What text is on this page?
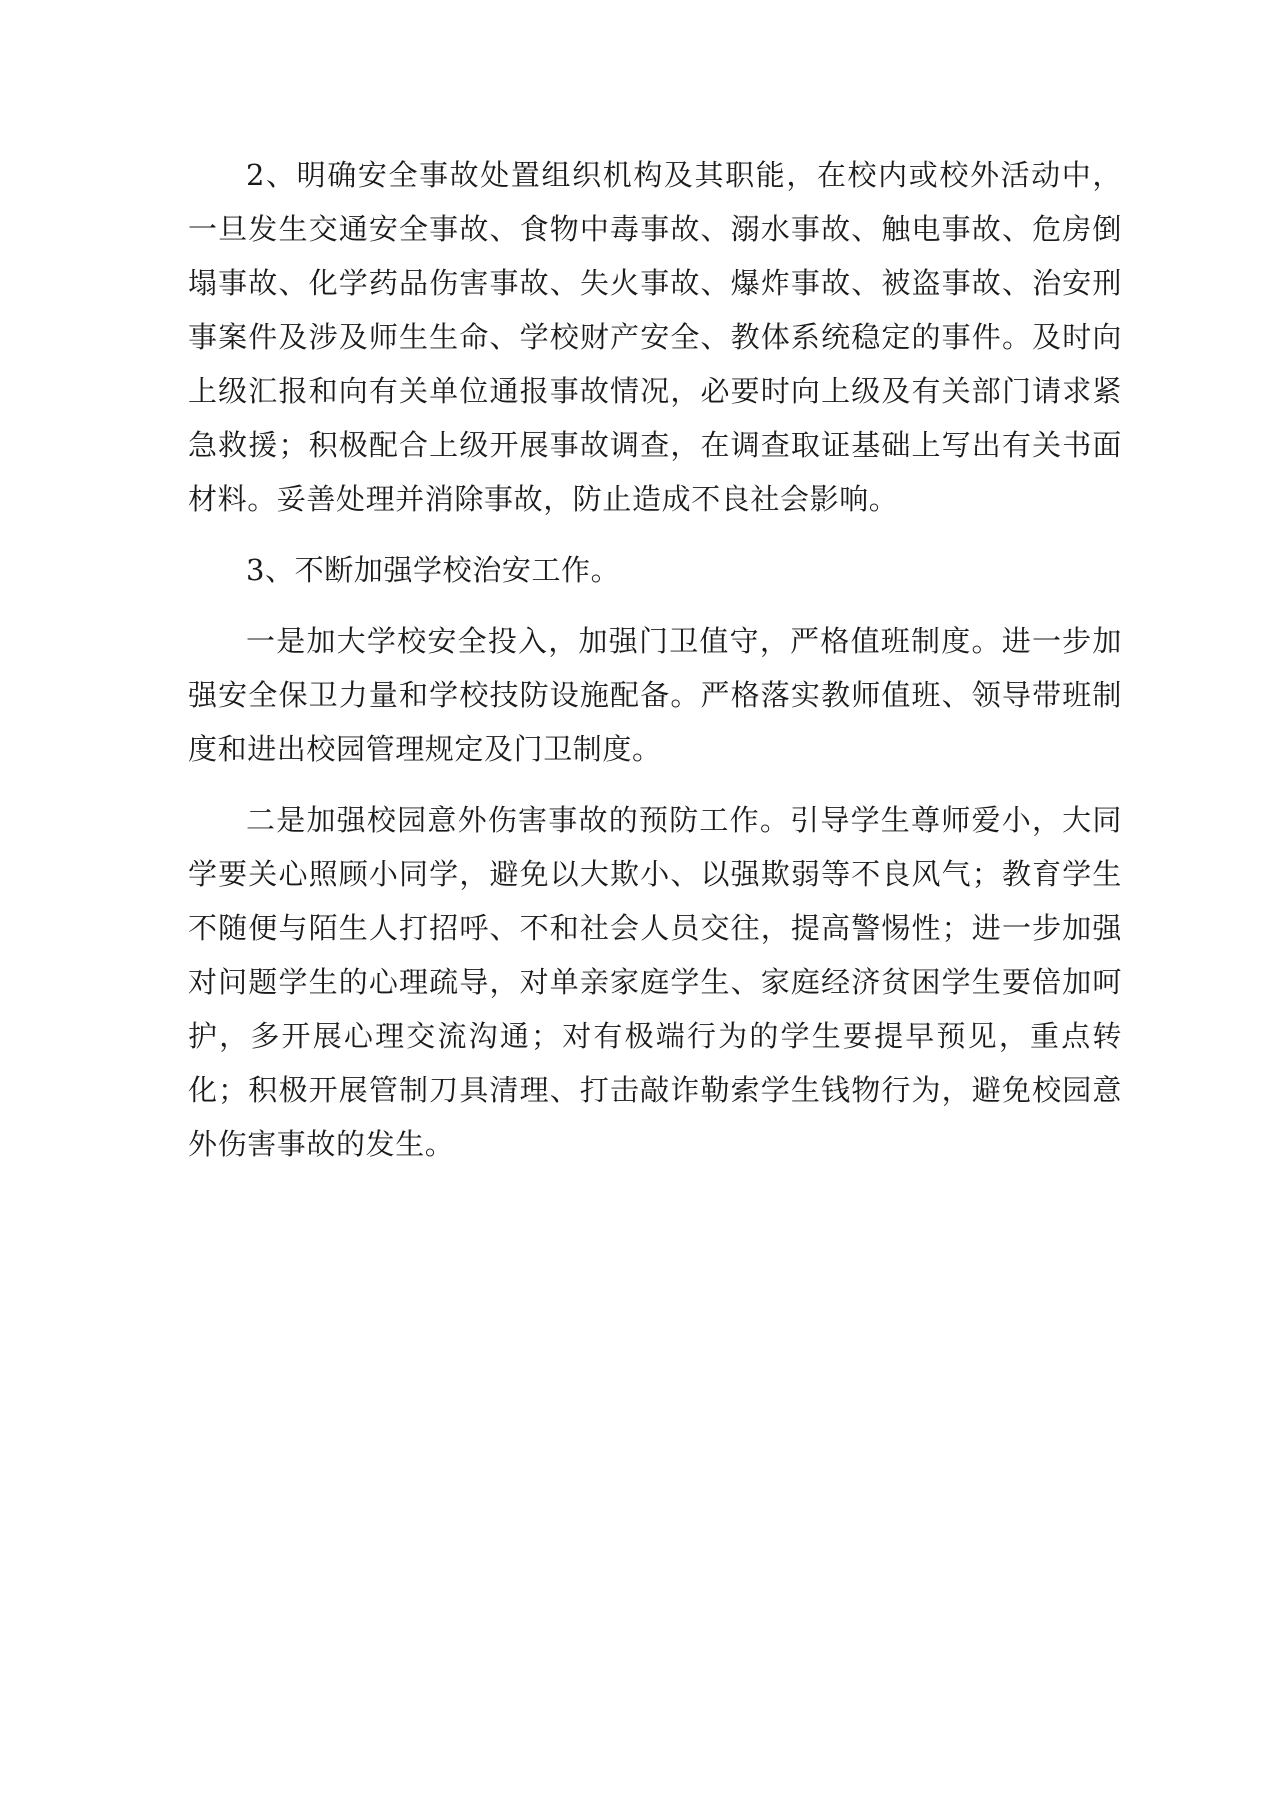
2、明确安全事故处置组织机构及其职能，在校内或校外活动中，一旦发生交通安全事故、食物中毒事故、溺水事故、触电事故、危房倒塌事故、化学药品伤害事故、失火事故、爆炸事故、被盗事故、治安刑事案件及涉及师生生命、学校财产安全、教体系统稳定的事件。及时向上级汇报和向有关单位通报事故情况，必要时向上级及有关部门请求紧急救援；积极配合上级开展事故调查，在调查取证基础上写出有关书面材料。妥善处理并消除事故，防止造成不良社会影响。

3、不断加强学校治安工作。

一是加大学校安全投入，加强门卫值守，严格值班制度。进一步加强安全保卫力量和学校技防设施配备。严格落实教师值班、领导带班制度和进出校园管理规定及门卫制度。

二是加强校园意外伤害事故的预防工作。引导学生尊师爱小，大同学要关心照顾小同学，避免以大欺小、以强欺弱等不良风气；教育学生不随便与陌生人打招呼、不和社会人员交往，提高警惕性；进一步加强对问题学生的心理疏导，对单亲家庭学生、家庭经济贫困学生要倍加呵护，多开展心理交流沟通；对有极端行为的学生要提早预见，重点转化；积极开展管制刀具清理、打击敲诈勒索学生钱物行为，避免校园意外伤害事故的发生。
